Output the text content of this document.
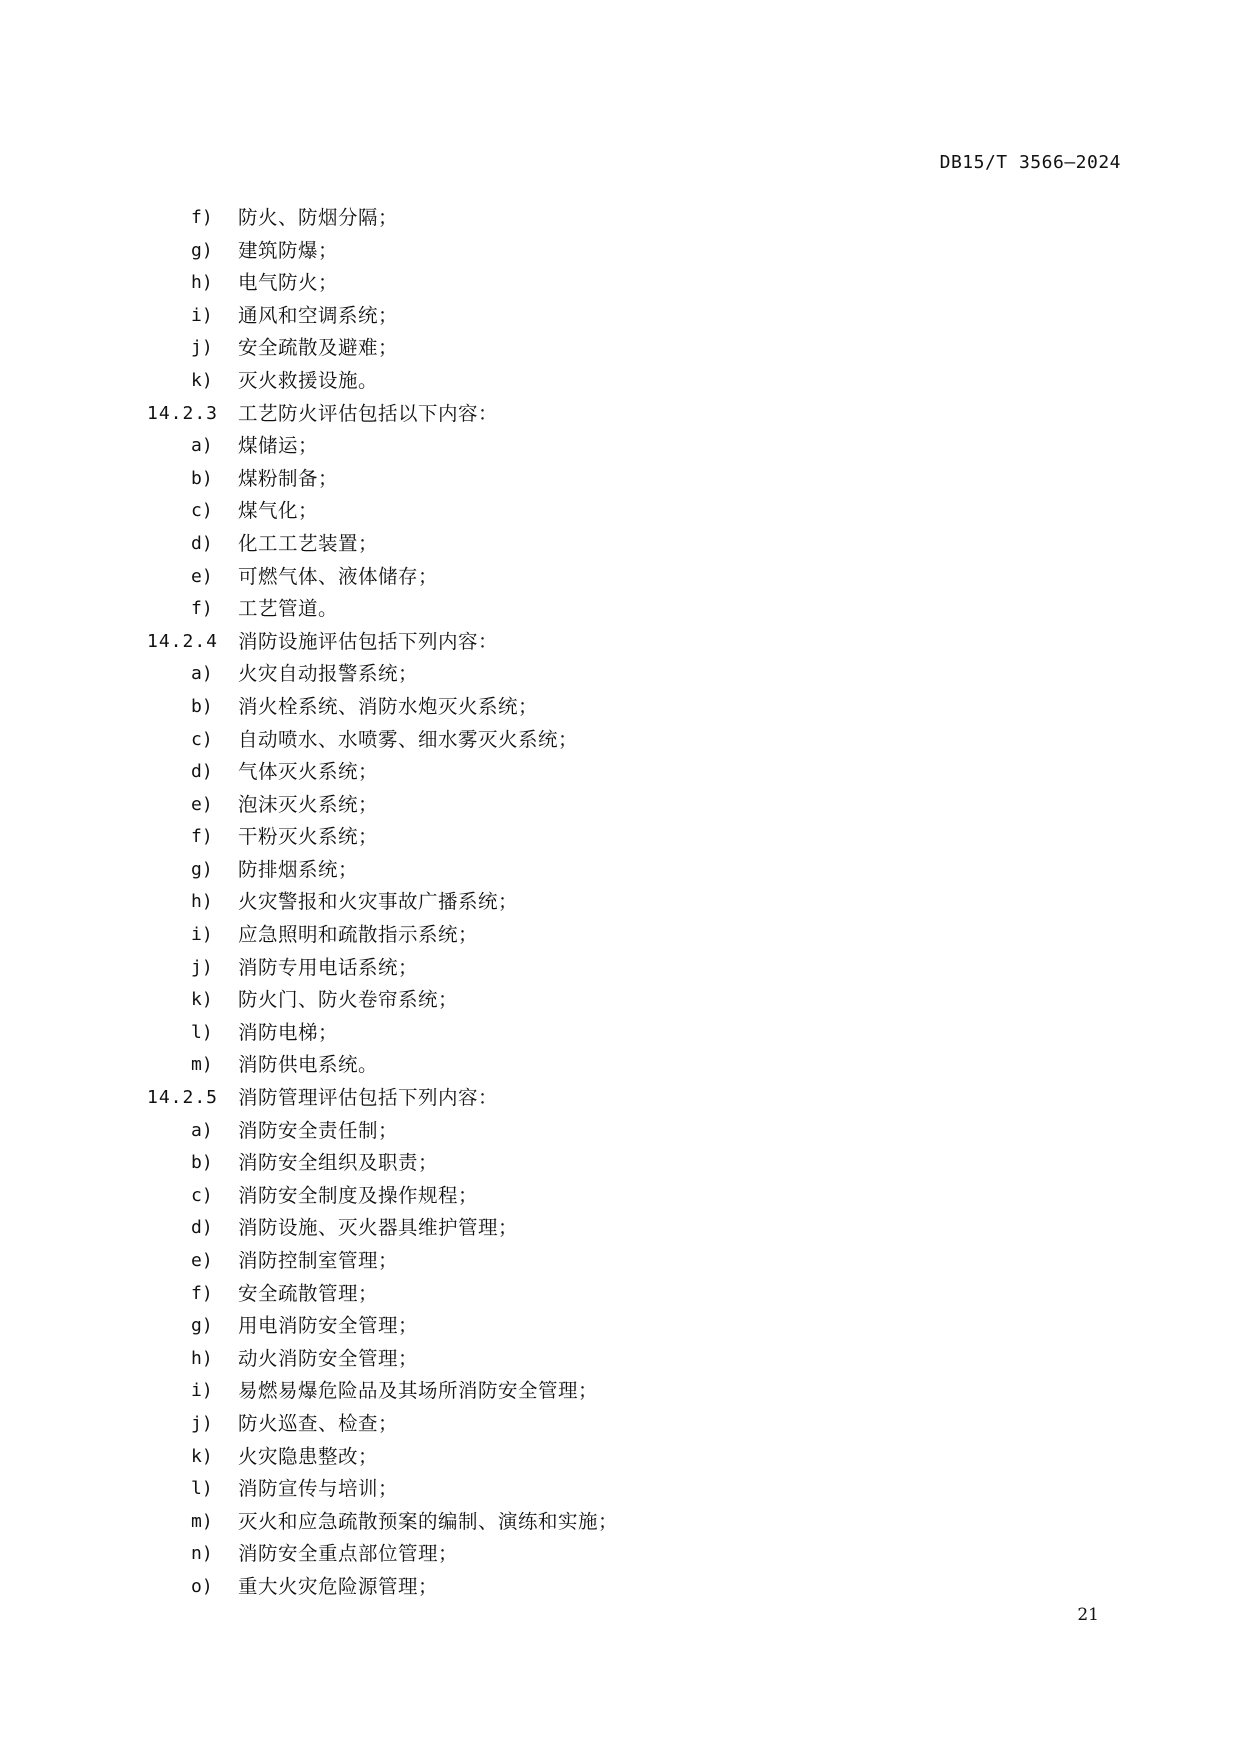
DB15/T 3566—2024
f) 防火、防烟分隔；
g) 建筑防爆；
h) 电气防火；
i) 通风和空调系统；
j) 安全疏散及避难；
k) 灭火救援设施。
14.2.3 工艺防火评估包括以下内容：
a) 煤储运；
b) 煤粉制备；
c) 煤气化；
d) 化工工艺装置；
e) 可燃气体、液体储存；
f) 工艺管道。
14.2.4 消防设施评估包括下列内容：
a) 火灾自动报警系统；
b) 消火栓系统、消防水炮灭火系统；
c) 自动喷水、水喷雾、细水雾灭火系统；
d) 气体灭火系统；
e) 泡沫灭火系统；
f) 干粉灭火系统；
g) 防排烟系统；
h) 火灾警报和火灾事故广播系统；
i) 应急照明和疏散指示系统；
j) 消防专用电话系统；
k) 防火门、防火卷帘系统；
l) 消防电梯；
m) 消防供电系统。
14.2.5 消防管理评估包括下列内容：
a) 消防安全责任制；
b) 消防安全组织及职责；
c) 消防安全制度及操作规程；
d) 消防设施、灭火器具维护管理；
e) 消防控制室管理；
f) 安全疏散管理；
g) 用电消防安全管理；
h) 动火消防安全管理；
i) 易燃易爆危险品及其场所消防安全管理；
j) 防火巡查、检查；
k) 火灾隐患整改；
l) 消防宣传与培训；
m) 灭火和应急疏散预案的编制、演练和实施；
n) 消防安全重点部位管理；
o) 重大火灾危险源管理；
21
